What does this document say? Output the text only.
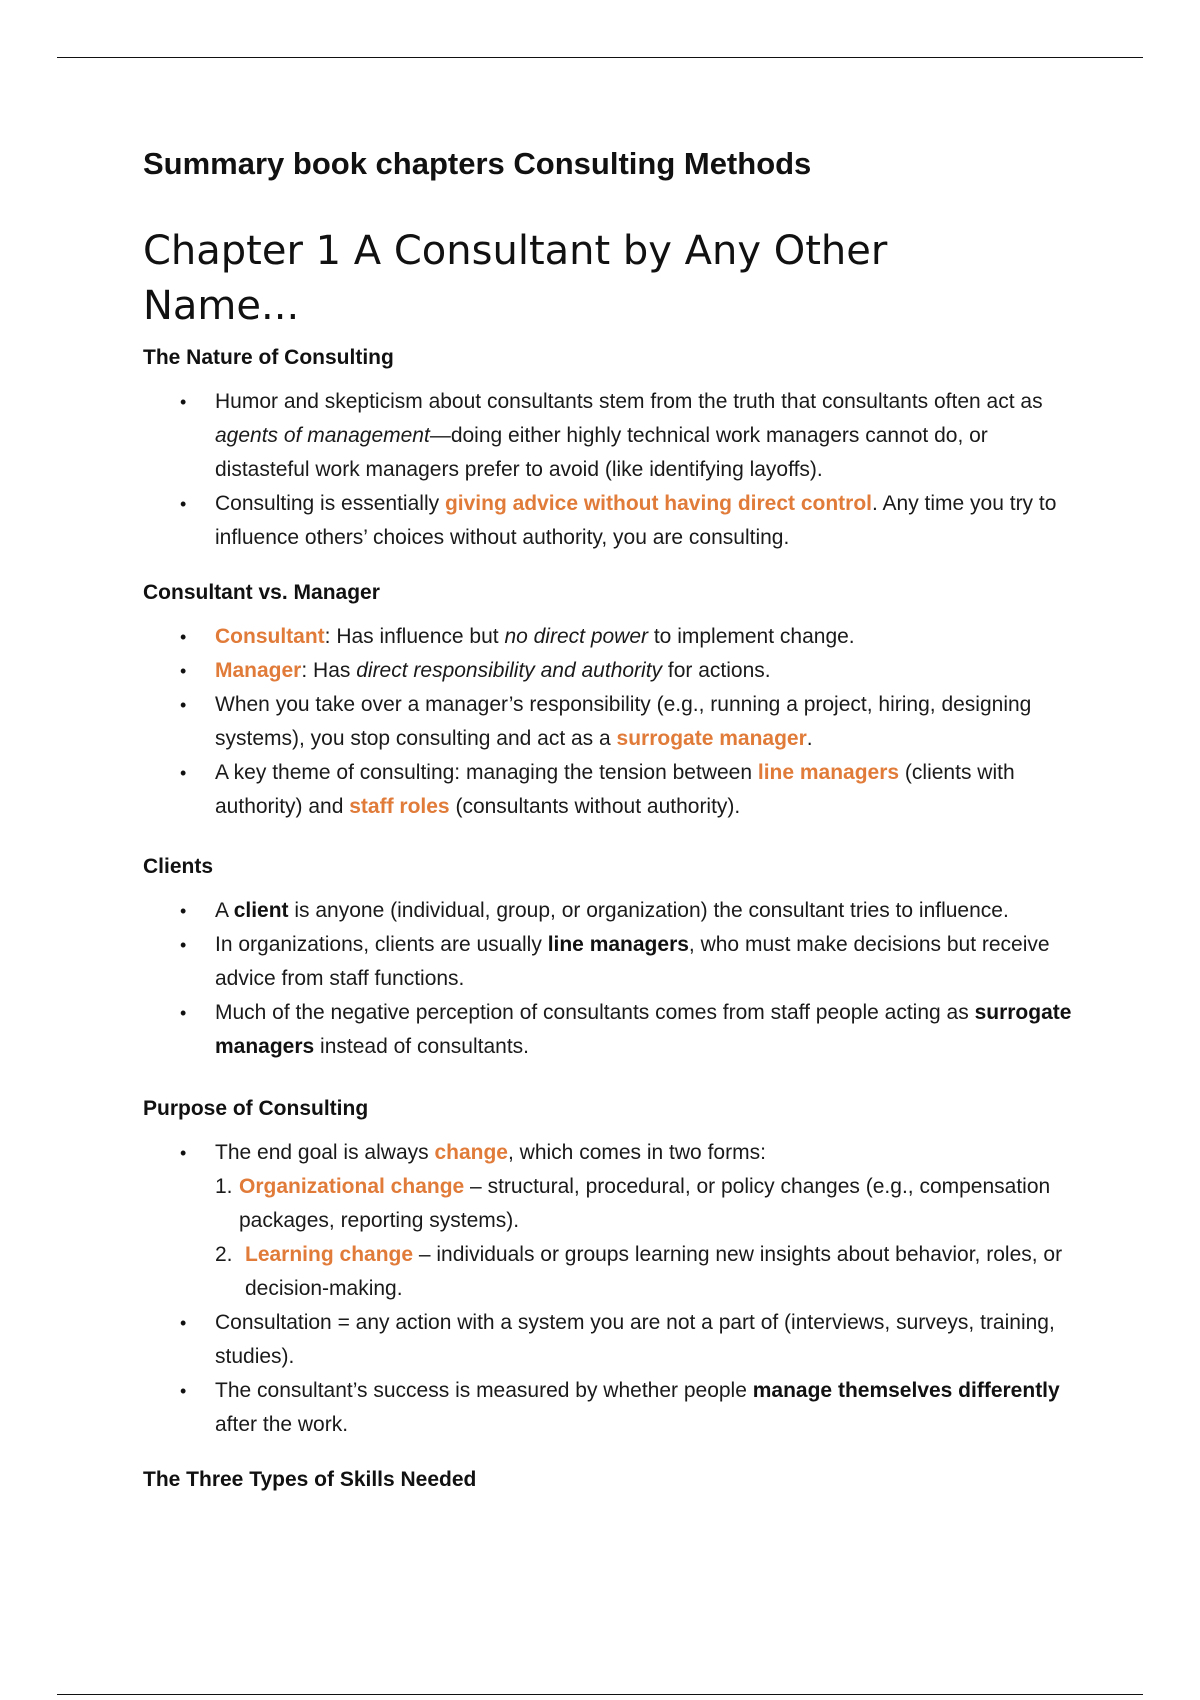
Summary book chapters Consulting Methods
Chapter 1 A Consultant by Any Other Name...
The Nature of Consulting
• Humor and skepticism about consultants stem from the truth that consultants often act as agents of management—doing either highly technical work managers cannot do, or distasteful work managers prefer to avoid (like identifying layoffs).
• Consulting is essentially giving advice without having direct control. Any time you try to influence others’ choices without authority, you are consulting.
Consultant vs. Manager
• Consultant: Has influence but no direct power to implement change.
• Manager: Has direct responsibility and authority for actions.
• When you take over a manager’s responsibility (e.g., running a project, hiring, designing systems), you stop consulting and act as a surrogate manager.
• A key theme of consulting: managing the tension between line managers (clients with authority) and staff roles (consultants without authority).
Clients
• A client is anyone (individual, group, or organization) the consultant tries to influence.
• In organizations, clients are usually line managers, who must make decisions but receive advice from staff functions.
• Much of the negative perception of consultants comes from staff people acting as surrogate managers instead of consultants.
Purpose of Consulting
• The end goal is always change, which comes in two forms:
1. Organizational change – structural, procedural, or policy changes (e.g., compensation packages, reporting systems).
2. Learning change – individuals or groups learning new insights about behavior, roles, or decision-making.
• Consultation = any action with a system you are not a part of (interviews, surveys, training, studies).
• The consultant’s success is measured by whether people manage themselves differently after the work.
The Three Types of Skills Needed
